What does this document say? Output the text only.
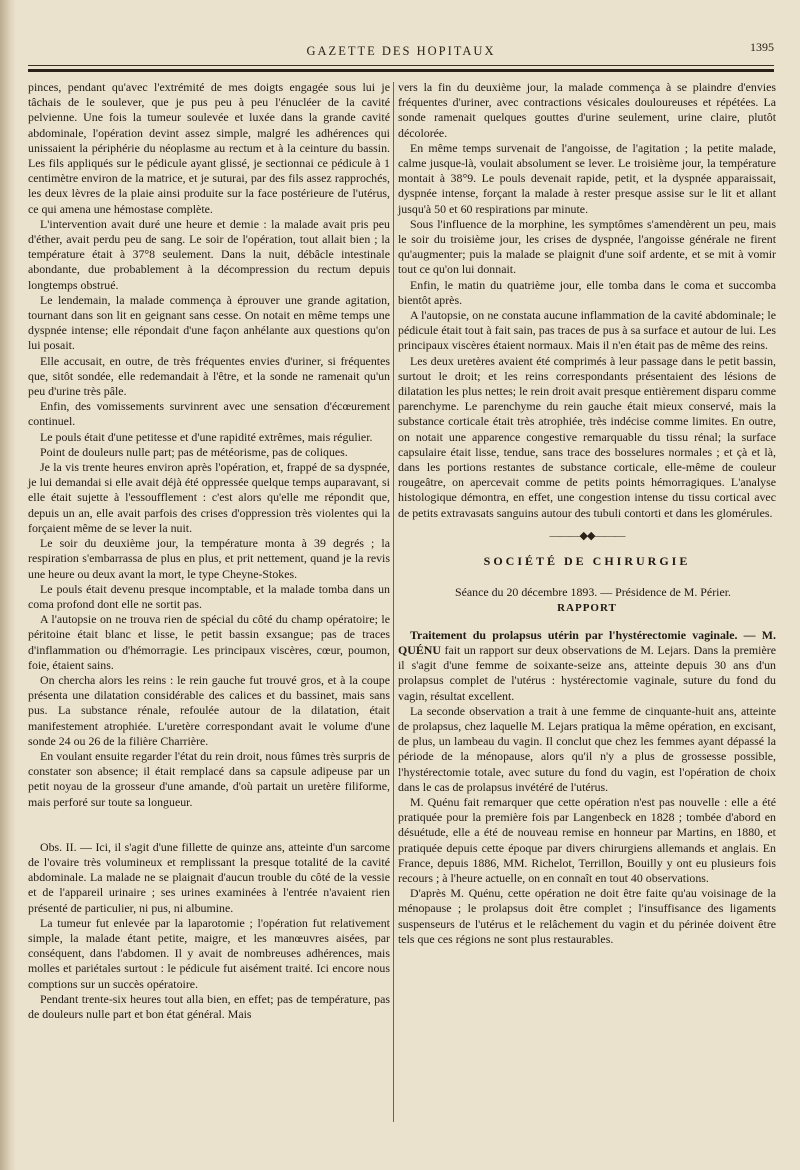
GAZETTE DES HOPITAUX	1395

pinces, pendant qu'avec l'extrémité de mes doigts engagée sous lui je tâchais de le soulever, que je pus peu à peu l'énucléer de la cavité pelvienne. Une fois la tumeur soulevée et luxée dans la grande cavité abdominale, l'opération devint assez simple, malgré les adhérences qui unissaient la périphérie du néoplasme au rectum et à la ceinture du bassin. Les fils appliqués sur le pédicule ayant glissé, je sectionnai ce pédicule à 1 centimètre environ de la matrice, et je suturai, par des fils assez rapprochés, les deux lèvres de la plaie ainsi produite sur la face postérieure de l'utérus, ce qui amena une hémostase complète.

L'intervention avait duré une heure et demie : la malade avait pris peu d'éther, avait perdu peu de sang. Le soir de l'opération, tout allait bien ; la température était à 37°8 seulement. Dans la nuit, débâcle intestinale abondante, due probablement à la décompression du rectum depuis longtemps obstrué.

Le lendemain, la malade commença à éprouver une grande agitation, tournant dans son lit en geignant sans cesse. On notait en même temps une dyspnée intense; elle répondait d'une façon anhélante aux questions qu'on lui posait.

Elle accusait, en outre, de très fréquentes envies d'uriner, si fréquentes que, sitôt sondée, elle redemandait à l'être, et la sonde ne ramenait qu'un peu d'urine très pâle.

Enfin, des vomissements survinrent avec une sensation d'écœurement continuel.

Le pouls était d'une petitesse et d'une rapidité extrêmes, mais régulier.

Point de douleurs nulle part; pas de météorisme, pas de coliques.

Je la vis trente heures environ après l'opération, et, frappé de sa dyspnée, je lui demandai si elle avait déjà été oppressée quelque temps auparavant, si elle était sujette à l'essoufflement : c'est alors qu'elle me répondit que, depuis un an, elle avait parfois des crises d'oppression très violentes qui la forçaient même de se lever la nuit.

Le soir du deuxième jour, la température monta à 39 degrés ; la respiration s'embarrassa de plus en plus, et prit nettement, quand je la revis une heure ou deux avant la mort, le type Cheyne-Stokes.

Le pouls était devenu presque incomptable, et la malade tomba dans un coma profond dont elle ne sortit pas.

A l'autopsie on ne trouva rien de spécial du côté du champ opératoire; le péritoine était blanc et lisse, le petit bassin exsangue; pas de traces d'inflammation ou d'hémorragie. Les principaux viscères, cœur, poumon, foie, étaient sains.

On chercha alors les reins : le rein gauche fut trouvé gros, et à la coupe présenta une dilatation considérable des calices et du bassinet, mais sans pus. La substance rénale, refoulée autour de la dilatation, était manifestement atrophiée. L'uretère correspondant avait le volume d'une sonde 24 ou 26 de la filière Charrière.

En voulant ensuite regarder l'état du rein droit, nous fûmes très surpris de constater son absence; il était remplacé dans sa capsule adipeuse par un petit noyau de la grosseur d'une amande, d'où partait un uretère filiforme, mais perforé sur toute sa longueur.

Obs. II. — Ici, il s'agit d'une fillette de quinze ans, atteinte d'un sarcome de l'ovaire très volumineux et remplissant la presque totalité de la cavité abdominale. La malade ne se plaignait d'aucun trouble du côté de la vessie et de l'appareil urinaire ; ses urines examinées à l'entrée n'avaient rien présenté de particulier, ni pus, ni albumine.

La tumeur fut enlevée par la laparotomie ; l'opération fut relativement simple, la malade étant petite, maigre, et les manœuvres aisées, par conséquent, dans l'abdomen. Il y avait de nombreuses adhérences, mais molles et pariétales surtout : le pédicule fut aisément traité. Ici encore nous comptions sur un succès opératoire.

Pendant trente-six heures tout alla bien, en effet; pas de température, pas de douleurs nulle part et bon état général. Mais

vers la fin du deuxième jour, la malade commença à se plaindre d'envies fréquentes d'uriner, avec contractions vésicales douloureuses et répétées. La sonde ramenait quelques gouttes d'urine seulement, urine claire, plutôt décolorée.

En même temps survenait de l'angoisse, de l'agitation ; la petite malade, calme jusque-là, voulait absolument se lever. Le troisième jour, la température montait à 38°9. Le pouls devenait rapide, petit, et la dyspnée apparaissait, dyspnée intense, forçant la malade à rester presque assise sur le lit et allant jusqu'à 50 et 60 respirations par minute.

Sous l'influence de la morphine, les symptômes s'amendèrent un peu, mais le soir du troisième jour, les crises de dyspnée, l'angoisse générale ne firent qu'augmenter; puis la malade se plaignit d'une soif ardente, et se mit à vomir tout ce qu'on lui donnait.

Enfin, le matin du quatrième jour, elle tomba dans le coma et succomba bientôt après.

A l'autopsie, on ne constata aucune inflammation de la cavité abdominale; le pédicule était tout à fait sain, pas traces de pus à sa surface et autour de lui. Les principaux viscères étaient normaux. Mais il n'en était pas de même des reins.

Les deux uretères avaient été comprimés à leur passage dans le petit bassin, surtout le droit; et les reins correspondants présentaient des lésions de dilatation les plus nettes; le rein droit avait presque entièrement disparu comme parenchyme. Le parenchyme du rein gauche était mieux conservé, mais la substance corticale était très atrophiée, très indécise comme limites. En outre, on notait une apparence congestive remarquable du tissu rénal; la surface capsulaire était lisse, tendue, sans trace des bosselures normales ; et çà et là, dans les portions restantes de substance corticale, elle-même de couleur rougeâtre, on apercevait comme de petits points hémorragiques. L'analyse histologique démontra, en effet, une congestion intense du tissu cortical avec de petits extravasats sanguins autour des tubuli contorti et dans les glomérules.

———◆◆———
SOCIÉTÉ DE CHIRURGIE

Séance du 20 décembre 1893. — Présidence de M. Périer.

RAPPORT

Traitement du prolapsus utérin par l'hystérectomie vaginale. — M. QUÉNU fait un rapport sur deux observations de M. Lejars. Dans la première il s'agit d'une femme de soixante-seize ans, atteinte depuis 30 ans d'un prolapsus complet de l'utérus : hystérectomie vaginale, suture du fond du vagin, résultat excellent.

La seconde observation a trait à une femme de cinquante-huit ans, atteinte de prolapsus, chez laquelle M. Lejars pratiqua la même opération, en excisant, de plus, un lambeau du vagin. Il conclut que chez les femmes ayant dépassé la période de la ménopause, alors qu'il n'y a plus de grossesse possible, l'hystérectomie totale, avec suture du fond du vagin, est l'opération de choix dans le cas de prolapsus invétéré de l'utérus.

M. Quénu fait remarquer que cette opération n'est pas nouvelle : elle a été pratiquée pour la première fois par Langenbeck en 1828 ; tombée d'abord en désuétude, elle a été de nouveau remise en honneur par Martins, en 1880, et pratiquée depuis cette époque par divers chirurgiens allemands et anglais. En France, depuis 1886, MM. Richelot, Terrillon, Bouilly y ont eu plusieurs fois recours ; à l'heure actuelle, on en connaît en tout 40 observations.

D'après M. Quénu, cette opération ne doit être faite qu'au voisinage de la ménopause ; le prolapsus doit être complet ; l'insuffisance des ligaments suspenseurs de l'utérus et le relâchement du vagin et du périnée doivent être tels que ces régions ne sont plus restaurables.
